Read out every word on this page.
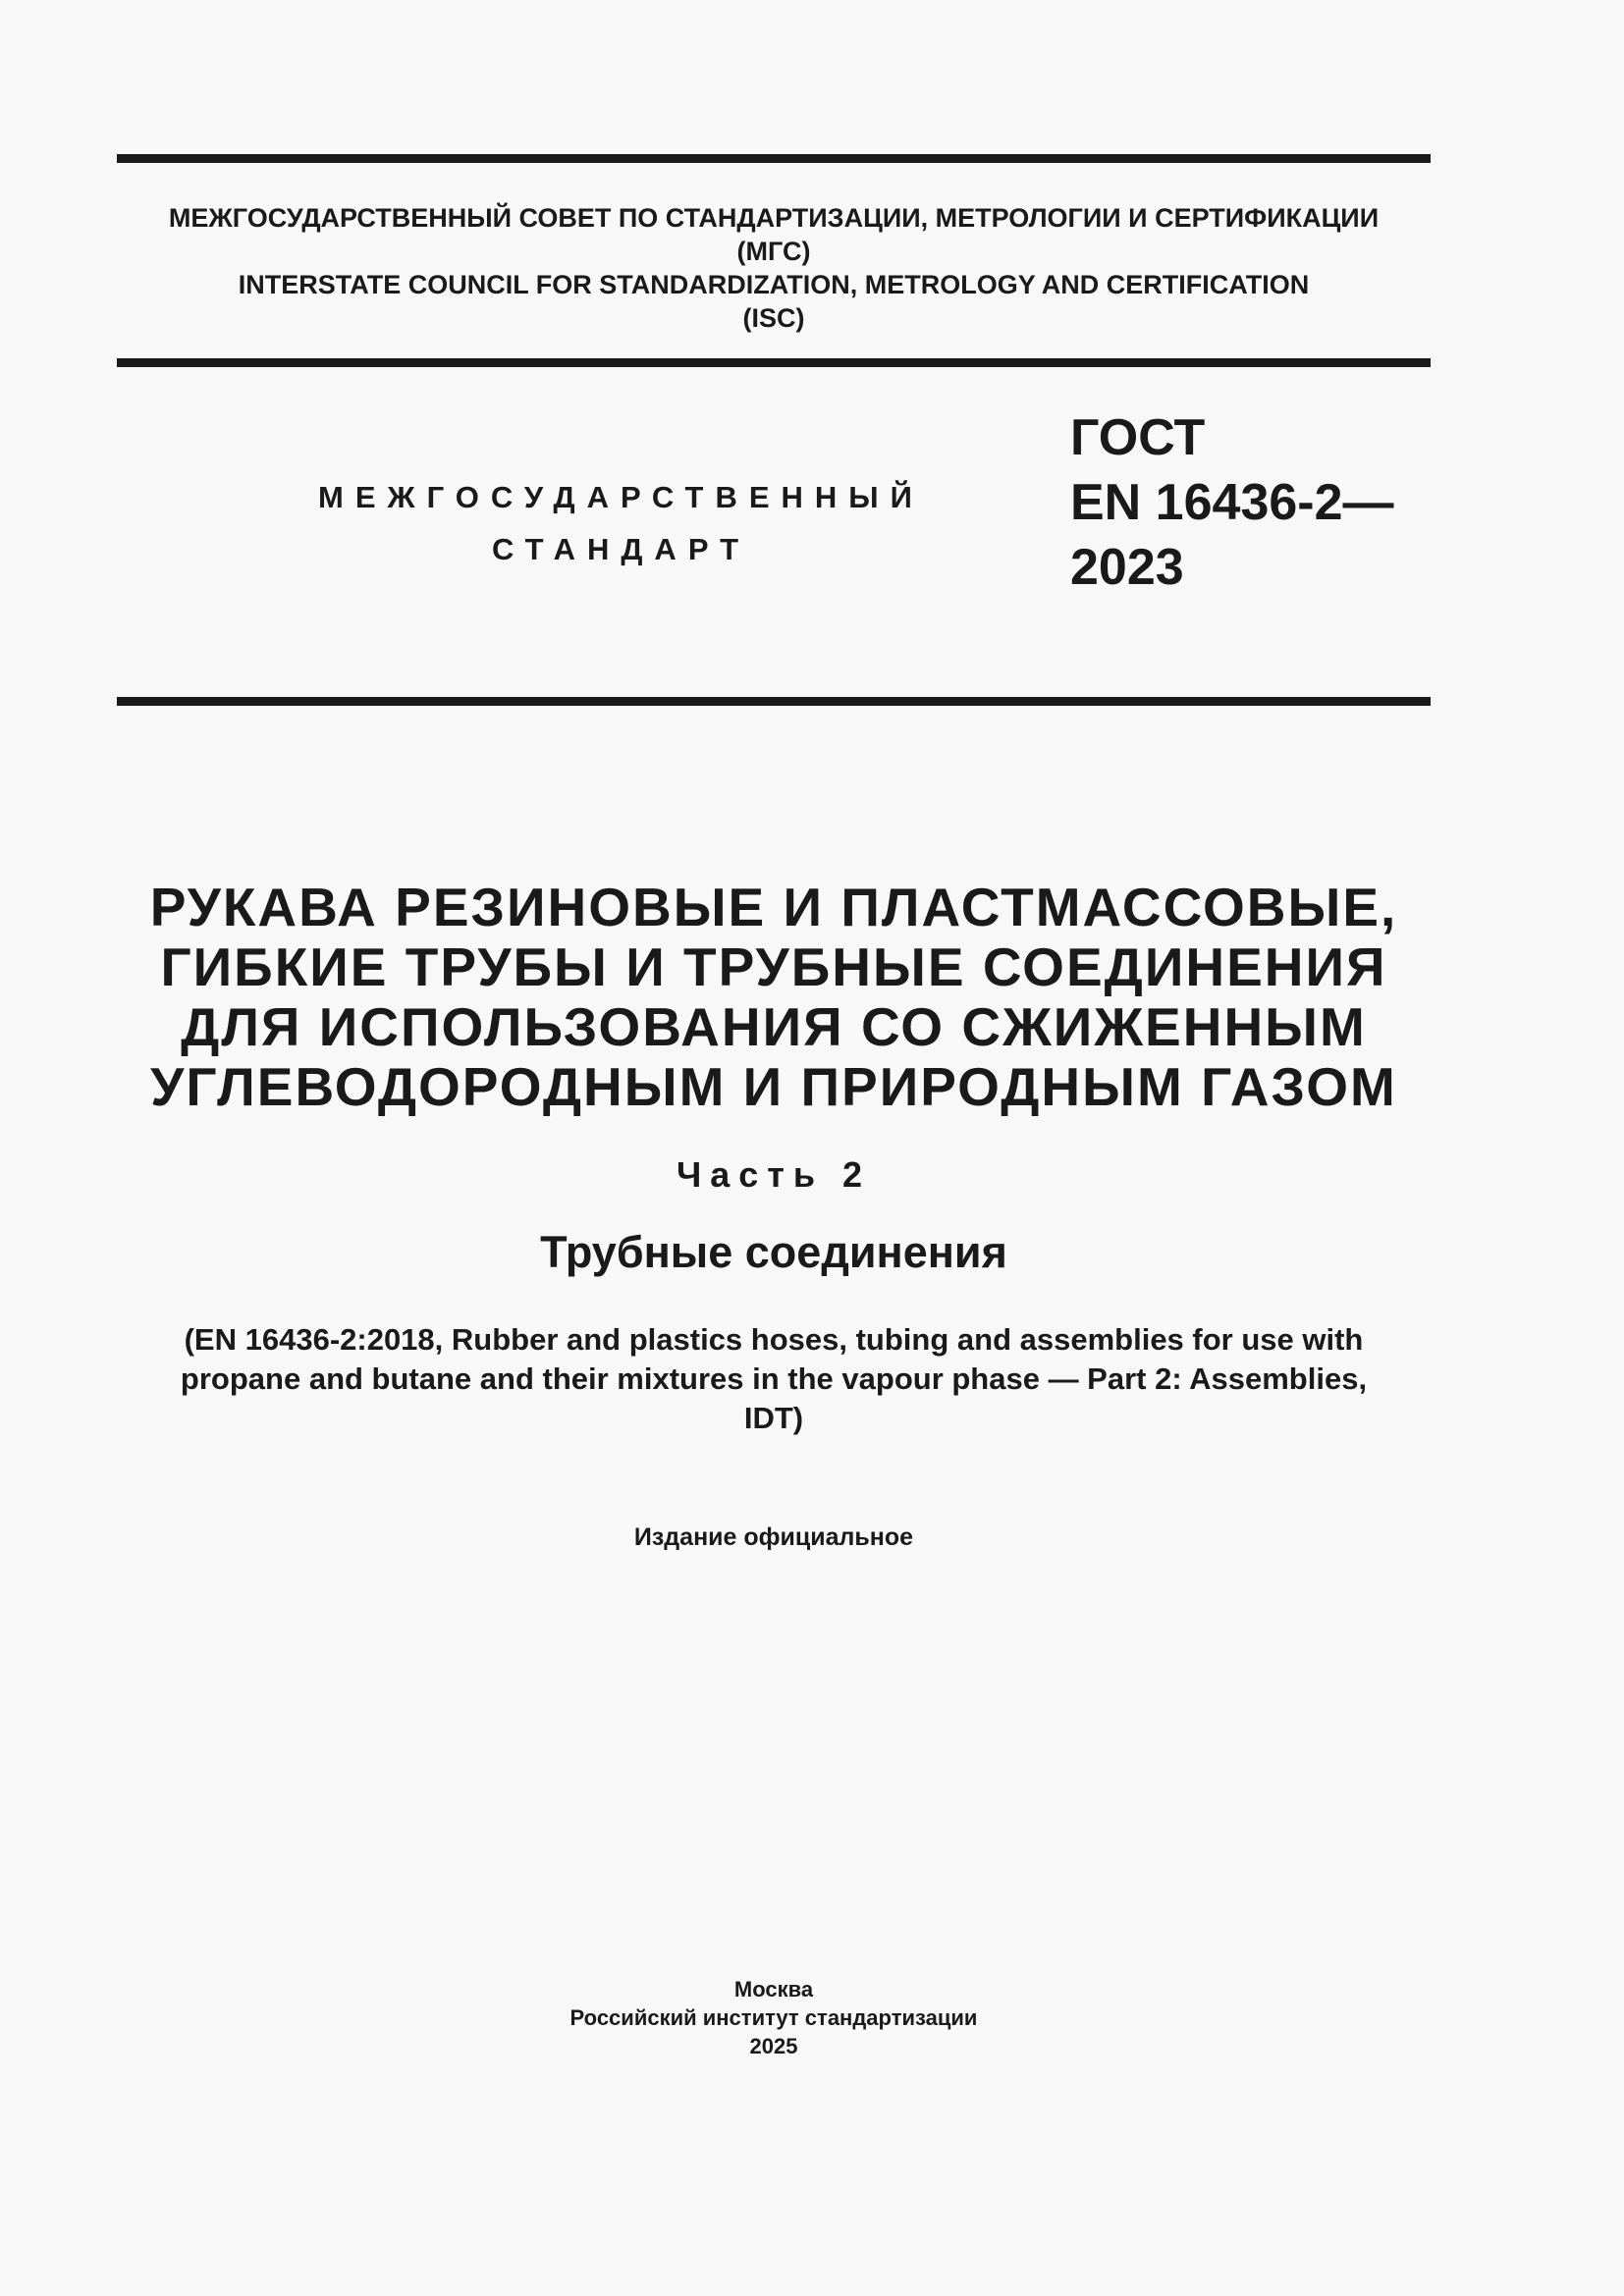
МЕЖГОСУДАРСТВЕННЫЙ СОВЕТ ПО СТАНДАРТИЗАЦИИ, МЕТРОЛОГИИ И СЕРТИФИКАЦИИ
(МГС)
INTERSTATE COUNCIL FOR STANDARDIZATION, METROLOGY AND CERTIFICATION
(ISC)
МЕЖГОСУДАРСТВЕННЫЙ
СТАНДАРТ
ГОСТ
EN 16436-2—
2023
РУКАВА РЕЗИНОВЫЕ И ПЛАСТМАССОВЫЕ,
ГИБКИЕ ТРУБЫ И ТРУБНЫЕ СОЕДИНЕНИЯ
ДЛЯ ИСПОЛЬЗОВАНИЯ СО СЖИЖЕННЫМ
УГЛЕВОДОРОДНЫМ И ПРИРОДНЫМ ГАЗОМ
Часть 2
Трубные соединения
(EN 16436-2:2018, Rubber and plastics hoses, tubing and assemblies for use with
propane and butane and their mixtures in the vapour phase — Part 2: Assemblies,
IDT)
Издание официальное
Москва
Российский институт стандартизации
2025
